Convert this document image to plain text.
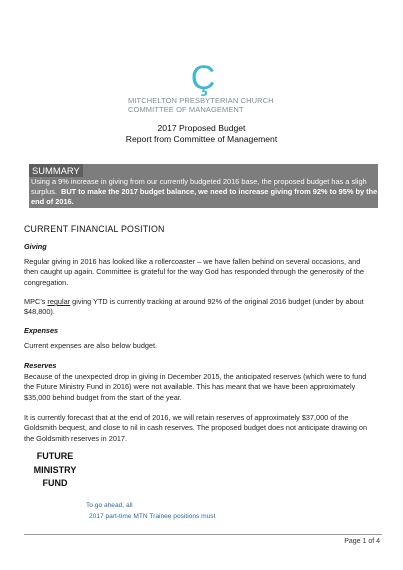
Ç
MITCHELTON PRESBYTERIAN CHURCH
COMMITTEE OF MANAGEMENT
2017 Proposed Budget
Report from Committee of Management
SUMMARY
Using a 9% increase in giving from our currently budgeted 2016 base, the proposed budget has a sligh
surplus. BUT to make the 2017 budget balance, we need to increase giving from 92% to 95% by the
end of 2016.
CURRENT FINANCIAL POSITION
Giving
Regular giving in 2016 has looked like a rollercoaster – we have fallen behind on several occasions, and
then caught up again. Committee is grateful for the way God has responded through the generosity of the
congregation.
MPC’s regular giving YTD is currently tracking at around 92% of the original 2016 budget (under by about
$48,800).
Expenses
Current expenses are also below budget.
Reserves
Because of the unexpected drop in giving in December 2015, the anticipated reserves (which were to fund
the Future Ministry Fund in 2016) were not available. This has meant that we have been approximately
$35,000 behind budget from the start of the year.
It is currently forecast that at the end of 2016, we will retain reserves of approximately $37,000 of the
Goldsmith bequest, and close to nil in cash reserves. The proposed budget does not anticipate drawing on
the Goldsmith reserves in 2017.
FUTURE
MINISTRY
FUND
To go ahead, all
2017 part-time MTN Trainee positions must
Page 1 of 4
